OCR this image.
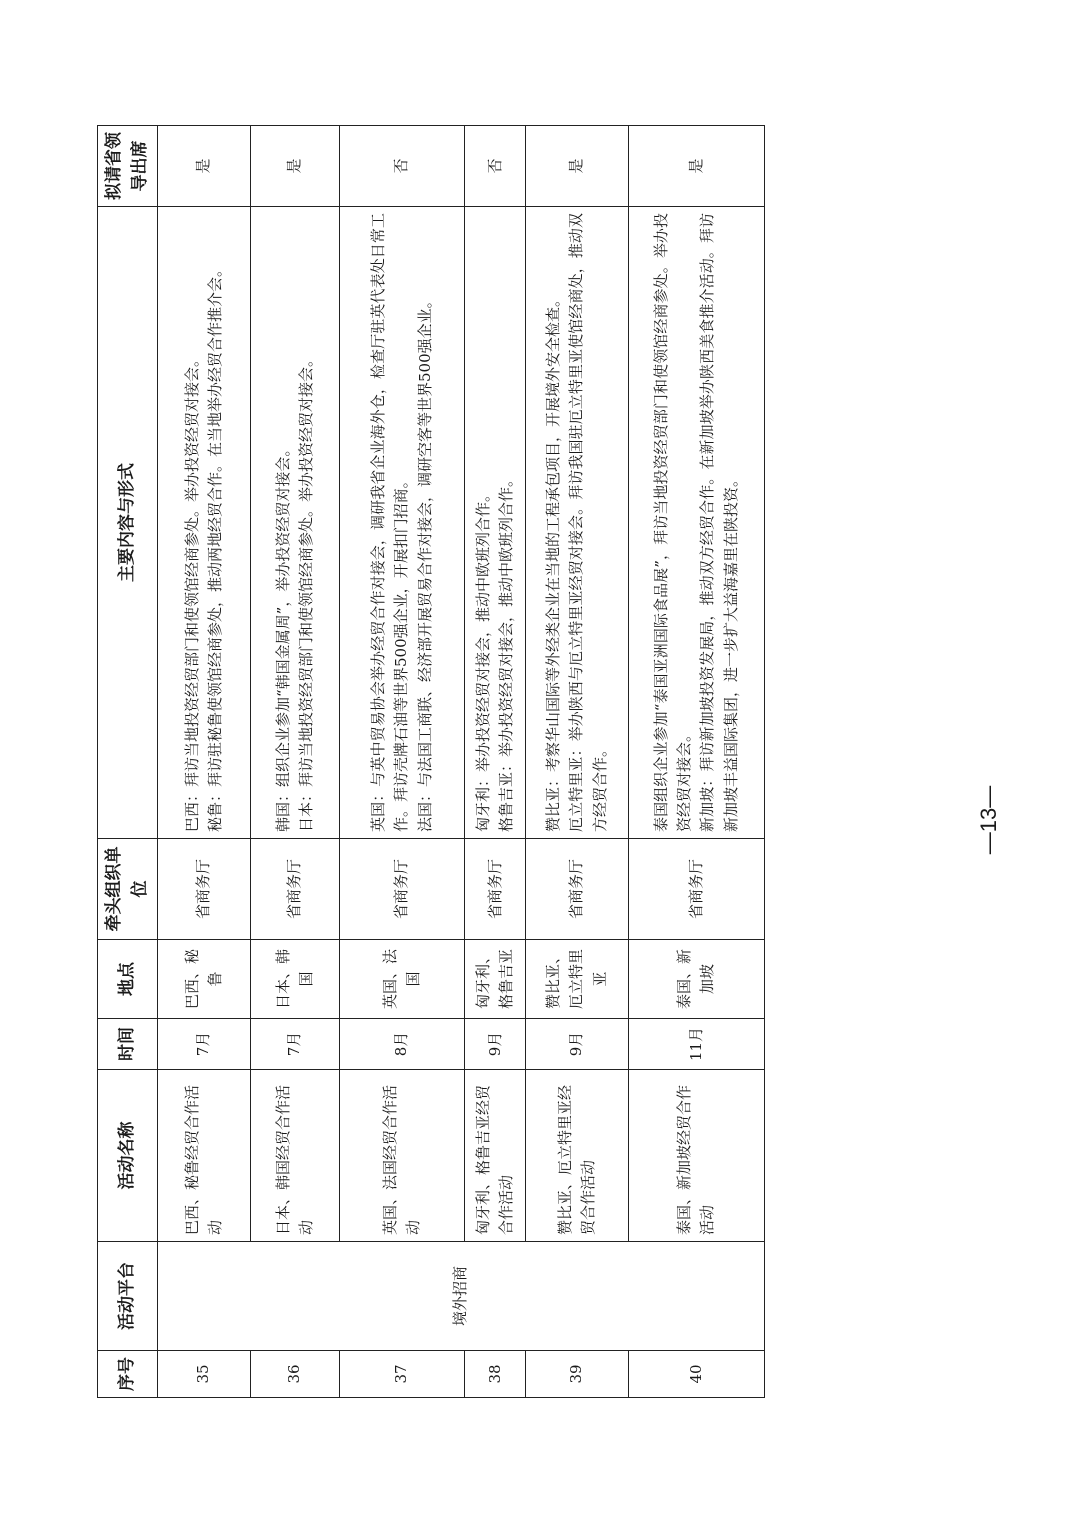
序号	活动平台	活动名称	时间	地点	牵头组织单位	主要内容与形式	拟请省领导出席
35	境外招商	巴西、秘鲁经贸合作活动	7月	巴西、秘鲁	省商务厅	巴西：拜访当地投资经贸部门和使领馆经商参处。举办投资经贸对接会。 秘鲁：拜访驻秘鲁使领馆经商参处，推动两地经贸合作。在当地举办经贸合作推介会。	是
36		日本、韩国经贸合作活动	7月	日本、韩国	省商务厅	韩国：组织企业参加“韩国金属周”，举办投资经贸对接会。 日本：拜访当地投资经贸部门和使领馆经商参处。举办投资经贸对接会。	是
37		英国、法国经贸合作活动	8月	英国、法国	省商务厅	英国：与英中贸易协会举办经贸合作对接会，调研我省企业海外仓，检查厅驻英代表处日常工作。拜访壳牌石油等世界500强企业，开展扣门招商。 法国：与法国工商联、经济部开展贸易合作对接会，调研空客等世界500强企业。	否
38		匈牙利、格鲁吉亚经贸合作活动	9月	匈牙利、格鲁吉亚	省商务厅	匈牙利：举办投资经贸对接会，推动中欧班列合作。 格鲁吉亚：举办投资经贸对接会，推动中欧班列合作。	否
39		赞比亚、厄立特里亚经贸合作活动	9月	赞比亚、厄立特里亚	省商务厅	赞比亚：考察华山国际等外经类企业在当地的工程承包项目，开展境外安全检查。 厄立特里亚：举办陕西与厄立特里亚经贸对接会。拜访我国驻厄立特里亚使馆经商处，推动双方经贸合作。	是
40		泰国、新加坡经贸合作活动	11月	泰国、新加坡	省商务厅	泰国组织企业参加“泰国亚洲国际食品展”，拜访当地投资经贸部门和使领馆经商参处。举办投资经贸对接会。 新加坡：拜访新加坡投资发展局，推动双方经贸合作。在新加坡举办陕西美食推介活动。拜访新加坡丰益国际集团，进一步扩大益海嘉里在陕投资。	是
—13—
